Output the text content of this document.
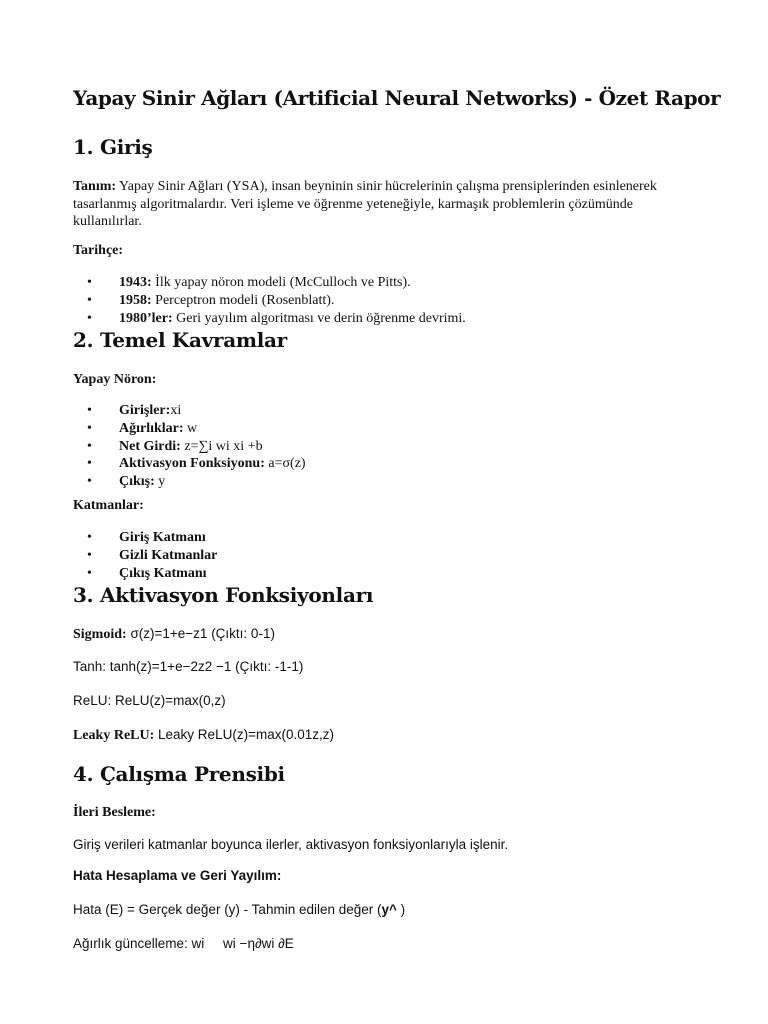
Yapay Sinir Ağları (Artificial Neural Networks) - Özet Rapor
1. Giriş
Tanım: Yapay Sinir Ağları (YSA), insan beyninin sinir hücrelerinin çalışma prensiplerinden esinlenerek tasarlanmış algoritmalardır. Veri işleme ve öğrenme yeteneğiyle, karmaşık problemlerin çözümünde kullanılırlar.
Tarihçe:
• 1943: İlk yapay nöron modeli (McCulloch ve Pitts).
• 1958: Perceptron modeli (Rosenblatt).
• 1980’ler: Geri yayılım algoritması ve derin öğrenme devrimi.
2. Temel Kavramlar
Yapay Nöron:
• Girişler:xi
• Ağırlıklar: w
• Net Girdi: z=∑i wi xi +b
• Aktivasyon Fonksiyonu: a=σ(z)
• Çıkış: y
Katmanlar:
• Giriş Katmanı
• Gizli Katmanlar
• Çıkış Katmanı
3. Aktivasyon Fonksiyonları
Sigmoid: σ(z)=1+e−z1 (Çıktı: 0-1)
Tanh: tanh(z)=1+e−2z2 −1 (Çıktı: -1-1)
ReLU: ReLU(z)=max(0,z)
Leaky ReLU: Leaky ReLU(z)=max(0.01z,z)
4. Çalışma Prensibi
İleri Besleme:
Giriş verileri katmanlar boyunca ilerler, aktivasyon fonksiyonlarıyla işlenir.
Hata Hesaplama ve Geri Yayılım:
Hata (E) = Gerçek değer (y) - Tahmin edilen değer (y^ )
Ağırlık güncelleme: wi     wi −η∂wi ∂E
